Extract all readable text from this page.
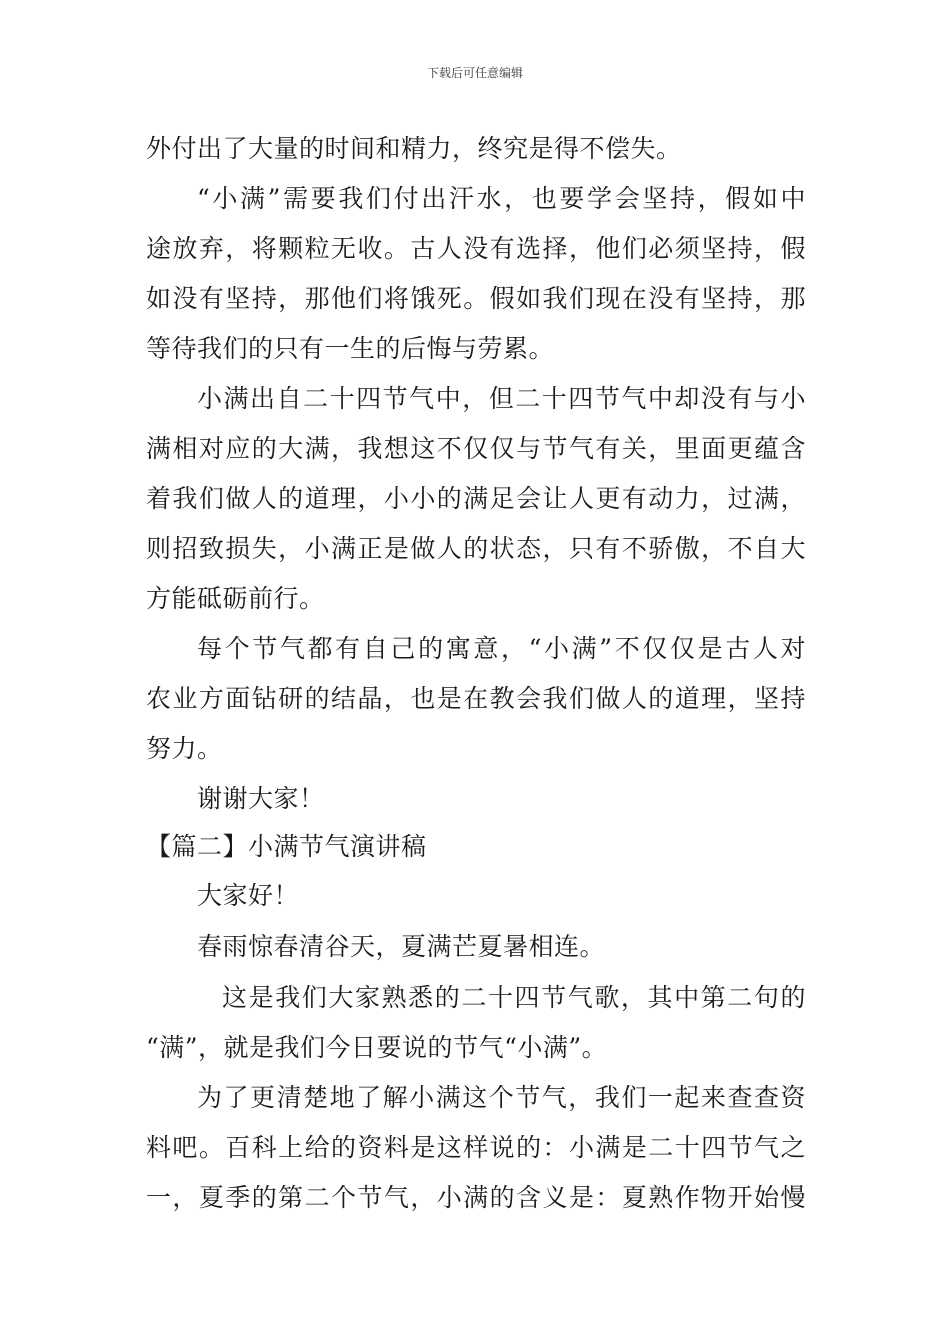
下载后可任意编辑
外付出了大量的时间和精力，终究是得不偿失。
“小满”需要我们付出汗水，也要学会坚持，假如中
途放弃，将颗粒无收。古人没有选择，他们必须坚持，假
如没有坚持，那他们将饿死。假如我们现在没有坚持，那
等待我们的只有一生的后悔与劳累。
小满出自二十四节气中，但二十四节气中却没有与小
满相对应的大满，我想这不仅仅与节气有关，里面更蕴含
着我们做人的道理，小小的满足会让人更有动力，过满，
则招致损失，小满正是做人的状态，只有不骄傲，不自大
方能砥砺前行。
每个节气都有自己的寓意，“小满”不仅仅是古人对
农业方面钻研的结晶，也是在教会我们做人的道理，坚持
努力。
谢谢大家！
【篇二】小满节气演讲稿
大家好！
春雨惊春清谷天，夏满芒夏暑相连。
这是我们大家熟悉的二十四节气歌，其中第二句的
“满”，就是我们今日要说的节气“小满”。
为了更清楚地了解小满这个节气，我们一起来查查资
料吧。百科上给的资料是这样说的：小满是二十四节气之
一，夏季的第二个节气，小满的含义是：夏熟作物开始慢
